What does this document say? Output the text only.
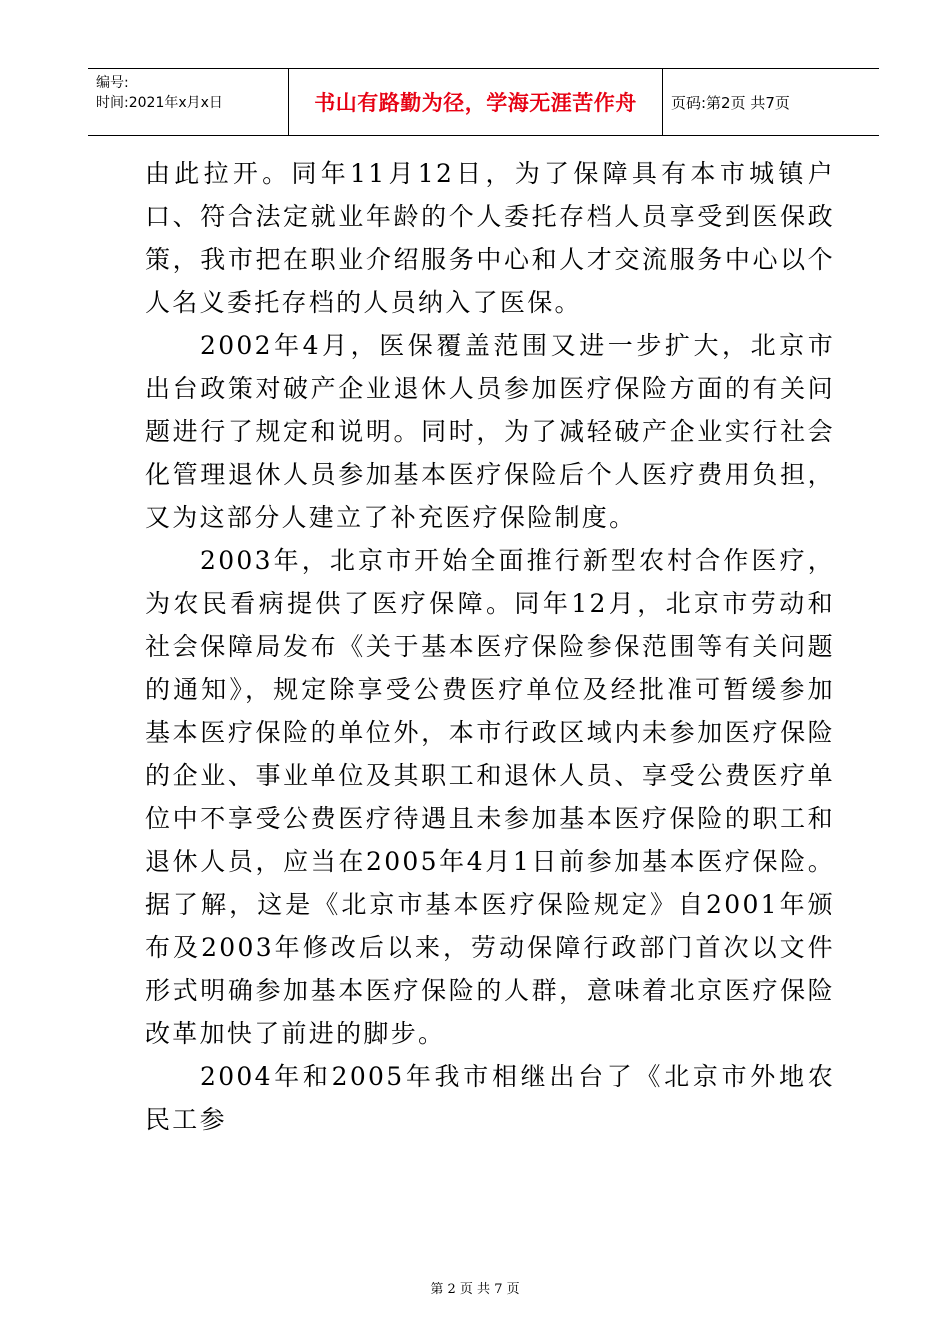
编号:
时间:2021年x月x日	书山有路勤为径，学海无涯苦作舟	页码:第2页 共7页

由此拉开。同年11月12日，为了保障具有本市城镇户口、符合法定就业年龄的个人委托存档人员享受到医保政策，我市把在职业介绍服务中心和人才交流服务中心以个人名义委托存档的人员纳入了医保。

2002年4月，医保覆盖范围又进一步扩大，北京市出台政策对破产企业退休人员参加医疗保险方面的有关问题进行了规定和说明。同时，为了减轻破产企业实行社会化管理退休人员参加基本医疗保险后个人医疗费用负担，又为这部分人建立了补充医疗保险制度。

2003年，北京市开始全面推行新型农村合作医疗，为农民看病提供了医疗保障。同年12月，北京市劳动和社会保障局发布《关于基本医疗保险参保范围等有关问题的通知》，规定除享受公费医疗单位及经批准可暂缓参加基本医疗保险的单位外，本市行政区域内未参加医疗保险的企业、事业单位及其职工和退休人员、享受公费医疗单位中不享受公费医疗待遇且未参加基本医疗保险的职工和退休人员，应当在2005年4月1日前参加基本医疗保险。据了解，这是《北京市基本医疗保险规定》自2001年颁布及2003年修改后以来，劳动保障行政部门首次以文件形式明确参加基本医疗保险的人群，意味着北京医疗保险改革加快了前进的脚步。

2004年和2005年我市相继出台了《北京市外地农民工参

第 2 页 共 7 页
